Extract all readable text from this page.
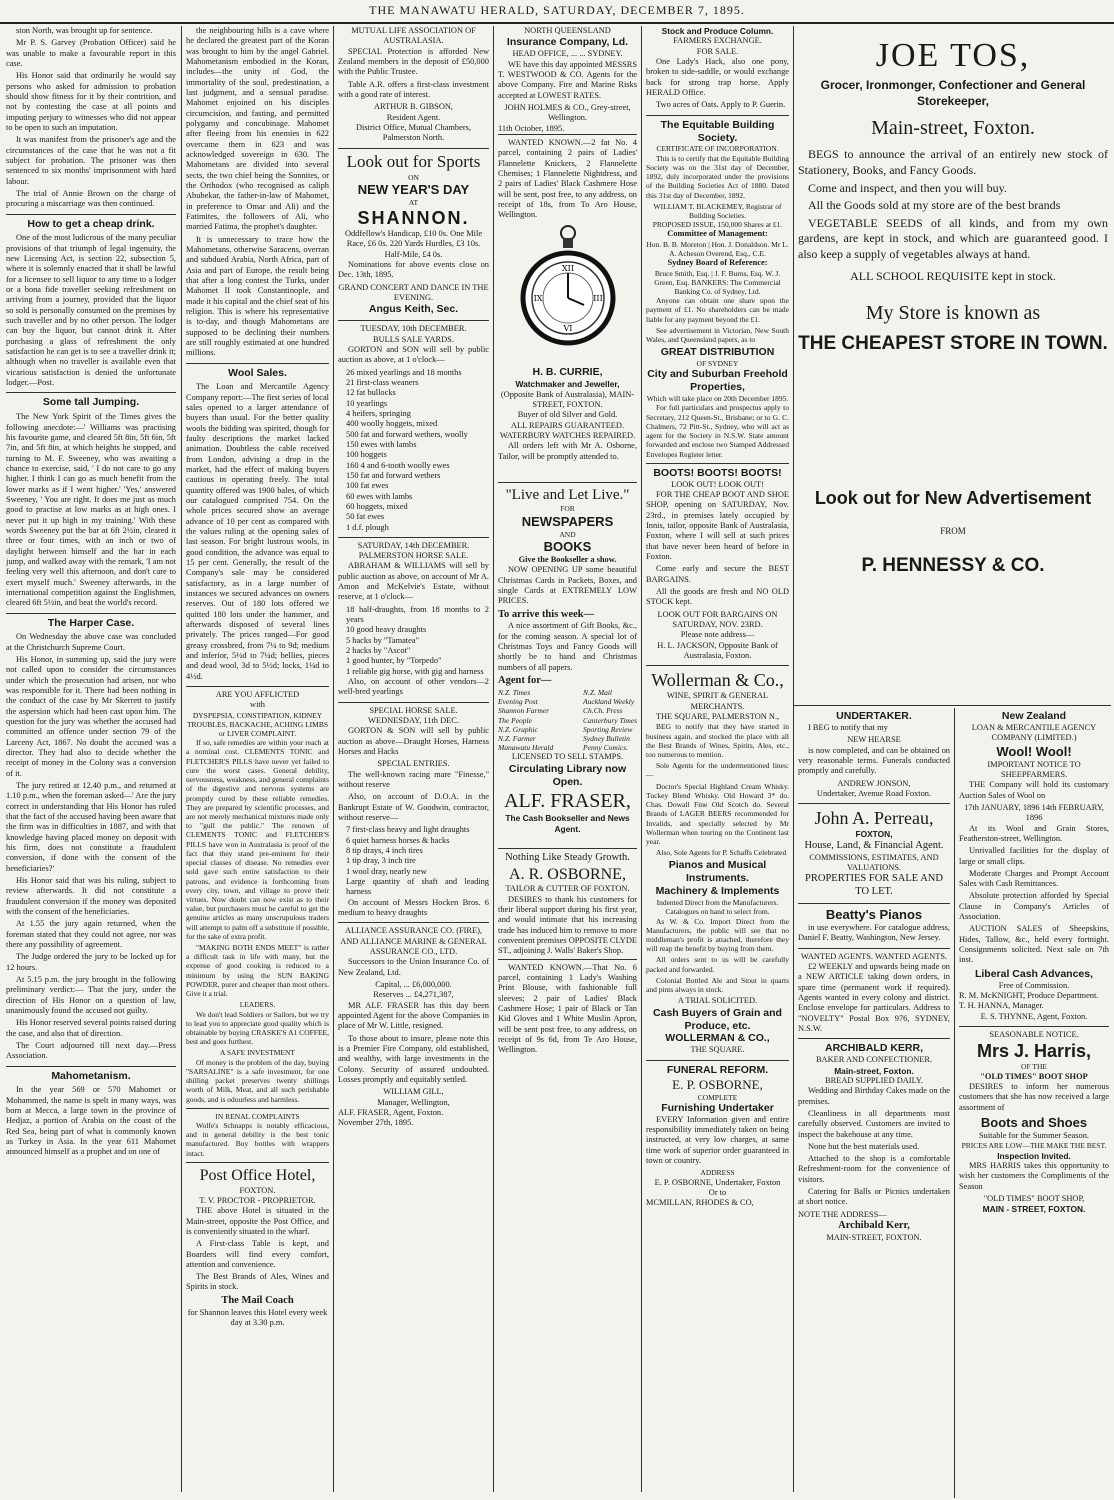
THE MANAWATU HERALD, SATURDAY, DECEMBER 7, 1895.

ston North, was brought up for sentence.

Mr P. S. Garvey (Probation Officer) said he was unable to make a favourable report in this case.

His Honor said that ordinarily he would say persons who asked for admission to probation should show fitness for it by their contrition, and not by contesting the case at all points and imputing perjury to witnesses who did not appear to be open to such an imputation.

It was manifest from the prisoner's age and the circumstances of the case that he was not a fit subject for probation. The prisoner was then sentenced to six months' imprisonment with hard labour.

The trial of Annie Brown on the charge of procuring a miscarriage was then continued.

How to get a cheap drink.

One of the most ludicrous of the many peculiar provisions of that triumph of legal ingenuity, the new Licensing Act, is section 22, subsection 5, where it is solemnly enacted that it shall be lawful for a licensee to sell liquor to any time to a lodger or a bona fide traveller seeking refreshment on arriving from a journey, provided that the liquor so sold is personally consumed on the premises by such traveller and by no other person. The lodger can buy the liquor, but cannot drink it. After purchasing a glass of refreshment the only satisfaction he can get is to see a traveller drink it; although when no traveller is available even that vicarious satisfaction is denied the unfortunate lodger.—Post.

Some tall Jumping.

The New York Spirit of the Times gives the following anecdote:—' Williams was practising his favourite game, and cleared 5ft 8in, 5ft 6in, 5ft 7in, and 5ft 8in, at which heights he stopped, and turning to M. F. Sweeney, who was awaiting a chance to exercise, said, ' I do not care to go any higher. I think I can go as much benefit from the lower marks as if I went higher.' 'Yes,' answered Sweeney, ' You are right. It does me just as much good to practise at low marks as at high ones. I never put it up high in my training.' With these words Sweeney put the bar at 6ft 2½in, cleared it three or four times, with an inch or two of daylight between himself and the bar in each jump, and walked away with the remark, 'I am not feeling very well this afternoon, and don't care to exert myself much.' Sweeney afterwards, in the international competition against the Englishmen, cleared 6ft 5½in, and beat the world's record.

The Harper Case.

On Wednesday the above case was concluded at the Christchurch Supreme Court.

His Honor, in summing up, said the jury were not called upon to consider the circumstances under which the prosecution had arisen, nor who was responsible for it. There had been nothing in the conduct of the case by Mr Skerrett to justify the aspersion which had been cast upon him. The question for the jury was whether the accused had committed an offence under section 79 of the Larceny Act, 1867. No doubt the accused was a director. They had also to decide whether the receipt of money in the Colony was a conversion of it.

The jury retired at 12.40 p.m., and returned at 1.10 p.m., when the foreman asked—' Are the jury correct in understanding that His Honor has ruled that the fact of the accused having been aware that the firm was in difficulties in 1887, and with that knowledge having placed money on deposit with his firm, does not constitute a fraudulent conversion, if done with the consent of the beneficiaries?'

His Honor said that was his ruling, subject to review afterwards. It did not constitute a fraudulent conversion if the money was deposited with the consent of the beneficiaries.

At 1.55 the jury again returned, when the foreman stated that they could not agree, nor was there any possibility of agreement.

The Judge ordered the jury to be locked up for 12 hours.

At 5.15 p.m. the jury brought in the following preliminary verdict:— That the jury, under the direction of His Honor on a question of law, unanimously found the accused not guilty.

His Honor reserved several points raised during the case, and also that of direction.

The Court adjourned till next day.—Press Association.

Mahometanism.

In the year 569 or 570 Mahomet or Mohammed, the name is spelt in many ways, was born at Mecca, a large town in the province of Hedjaz, a portion of Arabia on the coast of the Red Sea, being part of what is commonly known as Turkey in Asia. In the year 611 Mahomet announced himself as a prophet and on one of

the neighbouring hills is a cave where he declared the greatest part of the Koran was brought to him by the angel Gabriel. Mahometanism embodied in the Koran, includes—the unity of God, the immortality of the soul, predestination, a last judgment, and a sensual paradise. Mahomet enjoined on his disciples circumcision, and fasting, and permitted polygamy and concubinage. Mahomet after fleeing from his enemies in 622 overcame them in 623 and was acknowledged sovereign in 630. The Mahometans are divided into several sects, the two chief being the Sonnites, or the Orthodox (who recognised as caliph Abubekar, the father-in-law of Mahomet, in preference to Omar and Ali) and the Fatimites, the followers of Ali, who married Fatima, the prophet's daughter.

It is unnecessary to trace how the Mahometans, otherwise Saracens, overran and subdued Arabia, North Africa, part of Asia and part of Europe, the result being that after a long contest the Turks, under Mahomet II took Constantinople, and made it his capital and the chief seat of his religion. This is where his representative is to-day, and though Mahometans are supposed to be declining their numbers are still roughly estimated at one hundred millions.

Wool Sales.

The Loan and Mercantile Agency Company report:—The first series of local sales opened to a larger attendance of buyers than usual. For the better quality wools the bidding was spirited, though for faulty descriptions the market lacked animation. Doubtless the cable received from London, advising a drop in the market, had the effect of making buyers cautious in operating freely. The total quantity offered was 1900 bales, of which our catalogued comprised 754. On the whole prices secured show an average advance of 10 per cent as compared with the values ruling at the opening sales of last season. For bright lustrous wools, in good condition, the advance was equal to 15 per cent. Generally, the result of the Company's sale may be considered satisfactory, as in a large number of instances we secured advances on owners reserves. Out of 180 lots offered we quitted 180 lots under the hammer, and afterwards disposed of several lines privately. The prices ranged—For good greasy crossbred, from 7¼ to 9d; medium and inferior, 5½d to 7¼d; bellies, pieces and dead wool, 3d to 5½d; locks, 1¼d to 4½d.

ARE YOU AFFLICTED
with
DYSPEPSIA, CONSTIPATION, KIDNEY TROUBLES, BACKACHE, ACHING LIMBS or LIVER COMPLAINT.

If so, safe remedies are within your reach at a nominal cost. CLEMENTS TONIC and FLETCHER'S PILLS have never yet failed to cure the worst cases. General debility, nervousness, weakness, and general complaints of the digestive and nervous systems are promptly cured by these reliable remedies. They are prepared by scientific processes, and are not merely mechanical mixtures made only to "gull the public." The renown of CLEMENTS TONIC and FLETCHER'S PILLS have won in Australasia is proof of the fact that they stand pre-eminent for their special classes of disease. No remedies ever sold gave such entire satisfaction to their patrons, and evidence is forthcoming from every city, town, and village to prove their virtues. Now doubt can now exist as to their value, but purchasers must be careful to get the genuine articles as many unscrupulous traders will attempt to palm off a substitute if possible, for the sake of extra profit.

"MAKING BOTH ENDS MEET" is rather a difficult task in life with many, but the expense of good cooking is reduced to a minimum by using the SUN BAKING POWDER, purer and cheaper than most others. Give it a trial.

LEADERS.

We don't lead Soldiers or Sailors, but we try to lead you to appreciate good quality which is obtainable by buying CRASKE'S A1 COFFEE, best and goes furthest.

A SAFE INVESTMENT

Of money is the problem of the day, buying "SARSALINE" is a safe investment, for one shilling packet preserves twenty shillings worth of Milk, Meat, and all such perishable goods, and is odourless and harmless.

IN RENAL COMPLAINTS

Wolfe's Schnapps is notably efficacious, and in general debility is the best tonic manufactured. Buy bottles with wrappers intact.

Post Office Hotel,
FOXTON.
T. V. PROCTOR - PROPRIETOR.

THE above Hotel is situated in the Main-street, opposite the Post Office, and is conveniently situated to the wharf.

A First-class Table is kept, and Boarders will find every comfort, attention and convenience.

The Best Brands of Ales, Wines and Spirits in stock.

The Mail Coach
for Shannon leaves this Hotel every week day at 3.30 p.m.
MUTUAL LIFE ASSOCIATION OF AUSTRALASIA.

SPECIAL Protection is afforded New Zealand members in the deposit of £50,000 with the Public Trustee.

Table A.R. offers a first-class investment with a good rate of interest.

ARTHUR B. GIBSON,
Resident Agent.
District Office, Mutual Chambers, Palmerston North.
Look out for Sports
ON
NEW YEAR'S DAY
AT
SHANNON.
Oddfellow's Handicap, £10 0s. One Mile Race, £6 0s. 220 Yards Hurdles, £3 10s. Half-Mile, £4 0s.

Nominations for above events close on Dec. 13th, 1895.

GRAND CONCERT AND DANCE IN THE EVENING.
Angus Keith, Sec.
TUESDAY, 10th DECEMBER.
BULLS SALE YARDS.

GORTON and SON will sell by public auction as above, at 1 o'clock—

26 mixed yearlings and 18 months
21 first-class weaners
12 fat bullocks
10 yearlings
4 heifers, springing
400 woolly hoggets, mixed
500 fat and forward wethers, woolly
150 ewes with lambs
100 hoggets
160 4 and 6-tooth woolly ewes
150 fat and forward wethers
100 fat ewes
60 ewes with lambs
60 hoggets, mixed
50 fat ewes
1 d.f. plough
SATURDAY, 14th DECEMBER.
PALMERSTON HORSE SALE.

ABRAHAM & WILLIAMS will sell by public auction as above, on account of Mr A. Amon and McKelvie's Estate, without reserve, at 1 o'clock—

18 half-draughts, from 18 months to 2 years
10 good heavy draughts
5 hacks by "Tamatea"
2 hacks by "Ascot"
1 good hunter, by "Torpedo"
1 reliable gig horse, with gig and harness

Also, on account of other vendors—2 well-bred yearlings

SPECIAL HORSE SALE.
WEDNESDAY, 11th DEC.

GORTON & SON will sell by public auction as above—Draught Horses, Harness Horses and Hacks

SPECIAL ENTRIES.

The well-known racing mare "Finesse," without reserve

Also, on account of D.O.A. in the Bankrupt Estate of W. Goodwin, contractor, without reserve—

7 first-class heavy and light draughts
6 quiet harness horses & hacks
8 tip drays, 4 inch tires
1 tip dray, 3 inch tire
1 wool dray, nearly new
Large quantity of shaft and leading harness

On account of Messrs Hocken Bros. 6 medium to heavy draughts

ALLIANCE ASSURANCE CO. (FIRE), AND ALLIANCE MARINE & GENERAL ASSURANCE CO., LTD.

Successors to the Union Insurance Co. of New Zealand, Ltd.

Capital, ... £6,000,000.
Reserves ... £4,271,387,

MR ALF. FRASER has this day been appointed Agent for the above Companies in place of Mr W. Little, resigned.

To those about to insure, please note this is a Premier Fire Company, old established, and wealthy, with large investments in the Colony. Security of assured undoubted. Losses promptly and equitably settled.

WILLIAM GILL,
Manager, Wellington,
ALF. FRASER, Agent, Foxton.
November 27th, 1895.
NORTH QUEENSLAND
Insurance Company, Ld.
HEAD OFFICE, ... ... SYDNEY.

WE have this day appointed MESSRS T. WESTWOOD & CO. Agents for the above Company. Fire and Marine Risks accepted at LOWEST RATES.

JOHN HOLMES & CO., Grey-street, Wellington.
11th October, 1895.

WANTED KNOWN.—2 fat No. 4 parcel, containing 2 pairs of Ladies' Flannelette Knickers, 2 Flannelette Chemises; 1 Flannelette Nightdress, and 2 pairs of Ladies' Black Cashmere Hose will be sent, post free, to any address, on receipt of 18s, from To Aro House, Wellington.

XII
III
VI
IX
H. B. CURRIE,
Watchmaker and Jeweller,
(Opposite Bank of Australasia), MAIN-STREET, FOXTON.
Buyer of old Silver and Gold.
ALL REPAIRS GUARANTEED.
WATERBURY WATCHES REPAIRED.

All orders left with Mr A. Osborne, Tailor, will be promptly attended to.

"Live and Let Live."
FOR
NEWSPAPERS
AND
BOOKS
Give the Bookseller a show.

NOW OPENING UP some beautiful Christmas Cards in Packets, Boxes, and single Cards at EXTREMELY LOW PRICES.

To arrive this week—

A nice assortment of Gift Books, &c., for the coming season. A special lot of Christmas Toys and Fancy Goods will shortly be to hand and Christmas numbers of all papers.

Agent for—
N.Z. Times
Evening Post
Shannon Farmer
The People
N.Z. Graphic
N.Z. Farmer
Manawatu Herald
N.Z. Mail
Auckland Weekly
Ch.Ch. Press
Canterbury Times
Sporting Review
Sydney Bulletin
Penny Comics.
LICENSED TO SELL STAMPS.
Circulating Library now Open.
ALF. FRASER,
The Cash Bookseller and News Agent.
Nothing Like Steady Growth.
A. R. OSBORNE,
TAILOR & CUTTER OF FOXTON.

DESIRES to thank his customers for their liberal support during his first year, and would intimate that his increasing trade has induced him to remove to more convenient premises OPPOSITE CLYDE ST., adjoining J. Walls' Baker's Shop.

WANTED KNOWN.—That No. 6 parcel, containing 1 Lady's Washing Print Blouse, with fashionable full sleeves; 2 pair of Ladies' Black Cashmere Hose; 1 pair of Black or Tan Kid Gloves and 1 White Muslin Apron, will be sent post free, to any address, on receipt of 9s 6d, from Te Aro House, Wellington.

Stock and Produce Column.
FARMERS EXCHANGE.
FOR SALE.

One Lady's Hack, also one pony, broken to side-saddle, or would exchange back for strong trap horse. Apply HERALD Office.

Two acres of Oats. Apply to P. Guerin.

The Equitable Building Society.
CERTIFICATE OF INCORPORATION.

This is to certify that the Equitable Building Society was on the 31st day of December, 1892, duly incorporated under the provisions of the Building Societies Act of 1880. Dated this 31st day of December, 1892.

WILLIAM T. BLACKEMEY, Registrar of Building Societies.
PROPOSED ISSUE, 150,000 Shares at £1.
Committee of Management:
Hon. B. B. Moreton | Hon. J. Donaldson. Mr L. A. Acheson Overend, Esq., C.E.
Sydney Board of Reference:
Bruce Smith, Esq. | J. F. Burns, Esq. W. J. Green, Esq. BANKERS: The Commercial Banking Co. of Sydney, Ltd.

Anyone can obtain one share upon the payment of £1. No shareholders can be made liable for any payment beyond the £1.

See advertisement in Victorian, New South Wales, and Queensland papers, as to

GREAT DISTRIBUTION
OF SYDNEY
City and Suburban Freehold Properties,
Which will take place on 20th December 1895.

For full particulars and prospectus apply to Secretary, 212 Queen-St., Brisbane; or to G. C. Chalmers, 72 Pitt-St., Sydney, who will act as agent for the Society in N.S.W. State amount forwarded and enclose two Stamped Addressed Envelopes Register letter.

BOOTS! BOOTS! BOOTS!
LOOK OUT! LOOK OUT!

FOR THE CHEAP BOOT AND SHOE SHOP, opening on SATURDAY, Nov. 23rd., in premises lately occupied by Innis, tailor, opposite Bank of Australasia, Foxton, where I will sell at such prices that have never been heard of before in Foxton.

Come early and secure the BEST BARGAINS.

All the goods are fresh and NO OLD STOCK kept.

LOOK OUT FOR BARGAINS ON SATURDAY, NOV. 23RD.
Please note address—
H. L. JACKSON, Opposite Bank of Australasia, Foxton.
Wollerman & Co.,
WINE, SPIRIT & GENERAL MERCHANTS.
THE SQUARE, PALMERSTON N.,

BEG to notify that they have started in business again, and stocked the place with all the Best Brands of Wines, Spirits, Ales, etc., too numerous to mention.

Sole Agents for the undermentioned lines:—

Doctor's Special Highland Cream Whisky. Tuckey Blend Whisky. Old Howard 3* do. Chas. Dowall Fine Old Scotch do. Several Brands of LAGER BEERS recommended for Invalids, and specially selected by Mr Wollerman when touring on the Continent last year.

Also, Sole Agents for P. Schaffs Celebrated

Pianos and Musical Instruments.
Machinery & Implements
Indented Direct from the Manufacturers. Catalogues on hand to select from.

As W. & Co. Import Direct from the Manufacturers, the public will see that no middleman's profit is attached, therefore they will reap the benefit by buying from them.

All orders sent to us will be carefully packed and forwarded.

Colonial Bottled Ale and Stout in quarts and pints always in stock.

A TRIAL SOLICITED.
Cash Buyers of Grain and Produce, etc.
WOLLERMAN & CO.,
THE SQUARE.
FUNERAL REFORM.
E. P. OSBORNE,
COMPLETE
Furnishing Undertaker

EVERY Information given and entire responsibility immediately taken on being instructed, at very low charges, at same time work of superior order guaranteed in town or country.

ADDRESS
E. P. OSBORNE, Undertaker, Foxton
Or to
MCMILLAN, RHODES & CO,
JOE TOS,
Grocer, Ironmonger, Confectioner and General Storekeeper,
Main-street, Foxton.

BEGS to announce the arrival of an entirely new stock of Stationery, Books, and Fancy Goods.

Come and inspect, and then you will buy.

All the Goods sold at my store are of the best brands

VEGETABLE SEEDS of all kinds, and from my own gardens, are kept in stock, and which are guaranteed good. I also keep a supply of vegetables always at hand.

ALL SCHOOL REQUISITE kept in stock.
My Store is known as
THE CHEAPEST STORE IN TOWN.
Look out for New Advertisement
FROM
P. HENNESSY & CO.
UNDERTAKER.

I BEG to notify that my

NEW HEARSE

is now completed, and can be obtained on very reasonable terms. Funerals conducted promptly and carefully.

ANDREW JONSON,
Undertaker, Avenue Road Foxton.
John A. Perreau,
FOXTON,
House, Land, & Financial Agent.
COMMISSIONS, ESTIMATES, AND VALUATIONS.
PROPERTIES FOR SALE AND TO LET.
Beatty's Pianos

in use everywhere. For catalogue address, Daniel F. Beatty, Washington, New Jersey.

WANTED AGENTS. WANTED AGENTS.

£2 WEEKLY and upwards being made on a NEW ARTICLE taking down orders, in spare time (permanent work if required). Agents wanted in every colony and district. Enclose envelope for particulars. Address to "NOVELTY" Postal Box 976, SYDNEY, N.S.W.

ARCHIBALD KERR,
BAKER AND CONFECTIONER.
Main-street, Foxton.
BREAD SUPPLIED DAILY.

Wedding and Birthday Cakes made on the premises.

Cleanliness in all departments most carefully observed. Customers are invited to inspect the bakehouse at any time.

None but the best materials used.

Attached to the shop is a comfortable Refreshment-room for the convenience of visitors.

Catering for Balls or Picnics undertaken at short notice.

NOTE THE ADDRESS—
Archibald Kerr,
MAIN-STREET, FOXTON.
New Zealand
LOAN & MERCANTILE AGENCY COMPANY (LIMITED.)
Wool! Wool!
IMPORTANT NOTICE TO SHEEPFARMERS.

THE Company will hold its customary Auction Sales of Wool on

17th JANUARY, 1896 14th FEBRUARY, 1896

At its Wool and Grain Stores, Featherston-street, Wellington.

Unrivalled facilities for the display of large or small clips.

Moderate Charges and Prompt Account Sales with Cash Remittances.

Absolute protection afforded by Special Clause in Company's Articles of Association.

AUCTION SALES of Sheepskins, Hides, Tallow, &c., held every fortnight. Consignments solicited. Next sale on 7th inst.

Liberal Cash Advances,
Free of Commission.
R. M. McKNIGHT, Produce Department.
T. H. HANNA, Manager.
E. S. THYNNE, Agent, Foxton.
SEASONABLE NOTICE.
Mrs J. Harris,
OF THE
"OLD TIMES" BOOT SHOP

DESIRES to inform her numerous customers that she has now received a large assortment of

Boots and Shoes
Suitable for the Summer Season.
PRICES ARE LOW—THE MAKE THE BEST.
Inspection Invited.

MRS HARRIS takes this opportunity to wish her customers the Compliments of the Season

"OLD TIMES" BOOT SHOP,
MAIN - STREET, FOXTON.
